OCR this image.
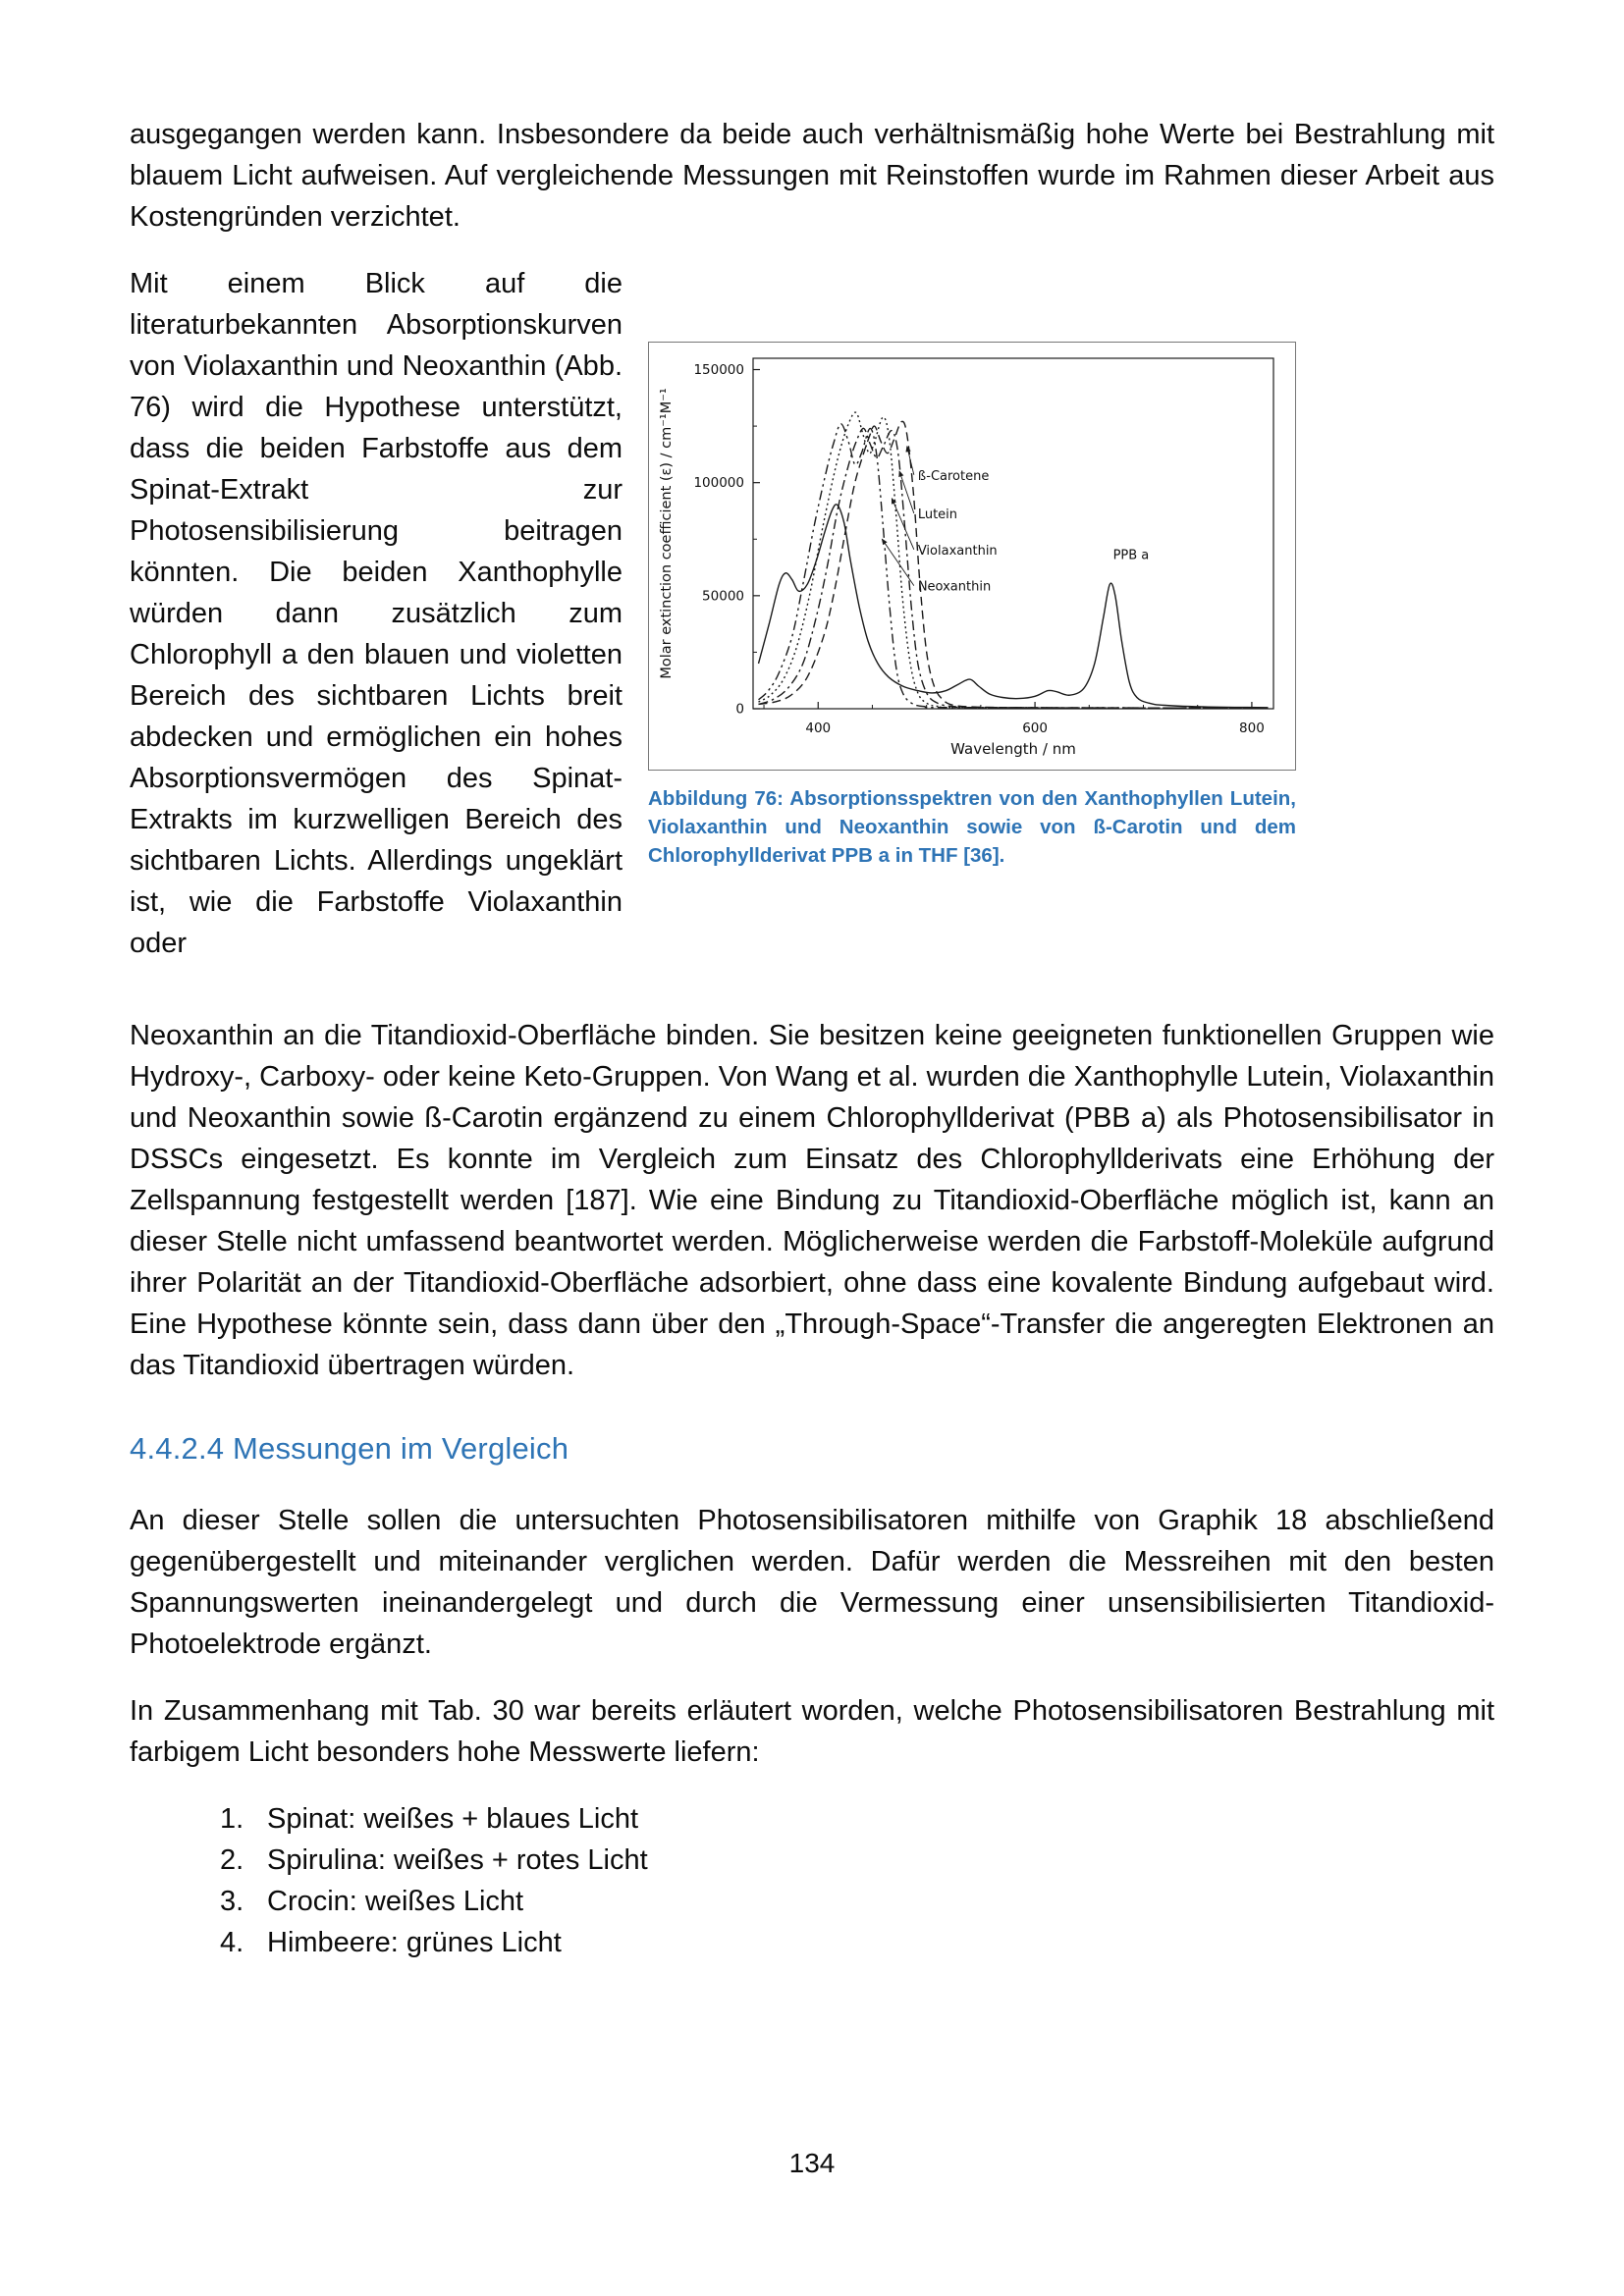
ausgegangen werden kann. Insbesondere da beide auch verhältnismäßig hohe Werte bei Bestrahlung mit blauem Licht aufweisen. Auf vergleichende Messungen mit Reinstoffen wurde im Rahmen dieser Arbeit aus Kostengründen verzichtet.

Mit einem Blick auf die literaturbekannten Absorptionskurven von Violaxanthin und Neoxanthin (Abb. 76) wird die Hypothese unterstützt, dass die beiden Farbstoffe aus dem Spinat-Extrakt zur Photosensibilisierung beitragen könnten. Die beiden Xanthophylle würden dann zusätzlich zum Chlorophyll a den blauen und violetten Bereich des sichtbaren Lichts breit abdecken und ermöglichen ein hohes Absorptionsvermögen des Spinat-Extrakts im kurzwelligen Bereich des sichtbaren Lichts. Allerdings ungeklärt ist, wie die Farbstoffe Violaxanthin oder

0
50000
100000
150000
400	600	800
Wavelength / nm
Molar extinction coefficient (ε) / cm⁻¹M⁻¹	ß-Carotene
Lutein
Violaxanthin
Neoxanthin
PPB a
Abbildung 76: Absorptionsspektren von den Xanthophyllen Lutein, Violaxanthin und Neoxanthin sowie von ß-Carotin und dem Chlorophyllderivat PPB a in THF [36].

Neoxanthin an die Titandioxid-Oberfläche binden. Sie besitzen keine geeigneten funktionellen Gruppen wie Hydroxy-, Carboxy- oder keine Keto-Gruppen. Von Wang et al. wurden die Xanthophylle Lutein, Violaxanthin und Neoxanthin sowie ß-Carotin ergänzend zu einem Chlorophyllderivat (PBB a) als Photosensibilisator in DSSCs eingesetzt. Es konnte im Vergleich zum Einsatz des Chlorophyllderivats eine Erhöhung der Zellspannung festgestellt werden [187]. Wie eine Bindung zu Titandioxid-Oberfläche möglich ist, kann an dieser Stelle nicht umfassend beantwortet werden. Möglicherweise werden die Farbstoff-Moleküle aufgrund ihrer Polarität an der Titandioxid-Oberfläche adsorbiert, ohne dass eine kovalente Bindung aufgebaut wird. Eine Hypothese könnte sein, dass dann über den „Through-Space“-Transfer die angeregten Elektronen an das Titandioxid übertragen würden.

4.4.2.4 Messungen im Vergleich

An dieser Stelle sollen die untersuchten Photosensibilisatoren mithilfe von Graphik 18 abschließend gegenübergestellt und miteinander verglichen werden. Dafür werden die Messreihen mit den besten Spannungswerten ineinandergelegt und durch die Vermessung einer unsensibilisierten Titandioxid-Photoelektrode ergänzt.

In Zusammenhang mit Tab. 30 war bereits erläutert worden, welche Photosensibilisatoren Bestrahlung mit farbigem Licht besonders hohe Messwerte liefern:

1. Spinat: weißes + blaues Licht
2. Spirulina: weißes + rotes Licht
3. Crocin: weißes Licht
4. Himbeere: grünes Licht
134
